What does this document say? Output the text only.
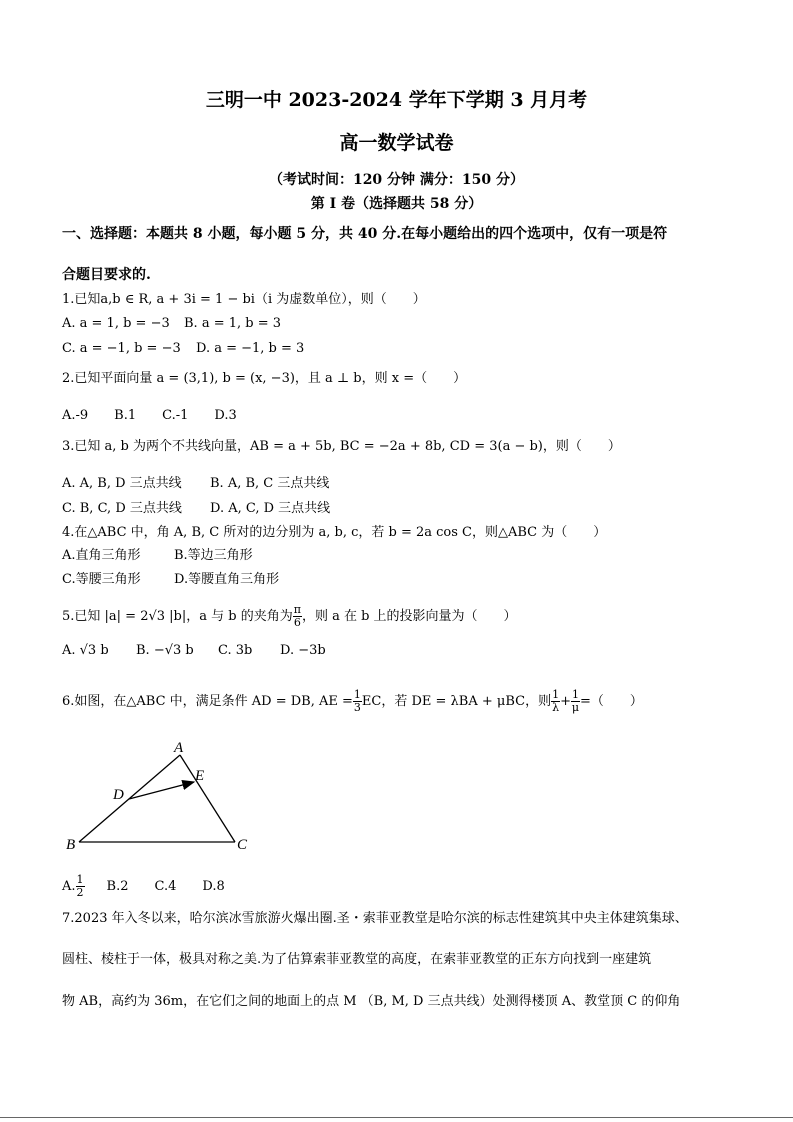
三明一中 2023-2024 学年下学期 3 月月考
高一数学试卷
（考试时间：120 分钟 满分：150 分）
第 I 卷（选择题共 58 分）
一、选择题：本题共 8 小题，每小题 5 分，共 40 分.在每小题给出的四个选项中，仅有一项是符
合题目要求的.
1.已知a,b ∈ R, a + 3i = 1 − bi（i 为虚数单位），则（　　）
A. a = 1, b = −3 B. a = 1, b = 3
C. a = −1, b = −3 D. a = −1, b = 3
2.已知平面向量 a = (3,1), b = (x, −3)，且 a ⊥ b，则 x =（　　）
A.-9　　B.1　　C.-1　　D.3
3.已知 a, b 为两个不共线向量，AB = a + 5b, BC = −2a + 8b, CD = 3(a − b)，则（　　）
A. A, B, D 三点共线 B. A, B, C 三点共线
C. B, C, D 三点共线 D. A, C, D 三点共线
4.在△ABC 中，角 A, B, C 所对的边分别为 a, b, c，若 b = 2a cos C，则△ABC 为（　　）
A.直角三角形	B.等边三角形
C.等腰三角形	D.等腰直角三角形
5.已知 |a| = 2√3 |b|，a 与 b 的夹角为 $\frac{\pi}{6}$ ，则 a 在 b 上的投影向量为（　　）
A. √3 b B. −√3 b C. 3b D. −3b
6.如图，在△ABC 中，满足条件 AD = DB, AE = $\frac{1}{3}$ EC，若 DE = λBA + μBC，则 $\frac{1}{\lambda} + \frac{1}{\mu}$ =（　　）
A
B	C
D
E
A. $\frac{1}{2} B.2$　　C.4　　D.8
7.2023 年入冬以来，哈尔滨冰雪旅游火爆出圈.圣・索菲亚教堂是哈尔滨的标志性建筑其中央主体建筑集球、
圆柱、棱柱于一体，极具对称之美.为了估算索菲亚教堂的高度，在索菲亚教堂的正东方向找到一座建筑
物 AB，高约为 36m，在它们之间的地面上的点 M （B, M, D 三点共线）处测得楼顶 A、教堂顶 C 的仰角
